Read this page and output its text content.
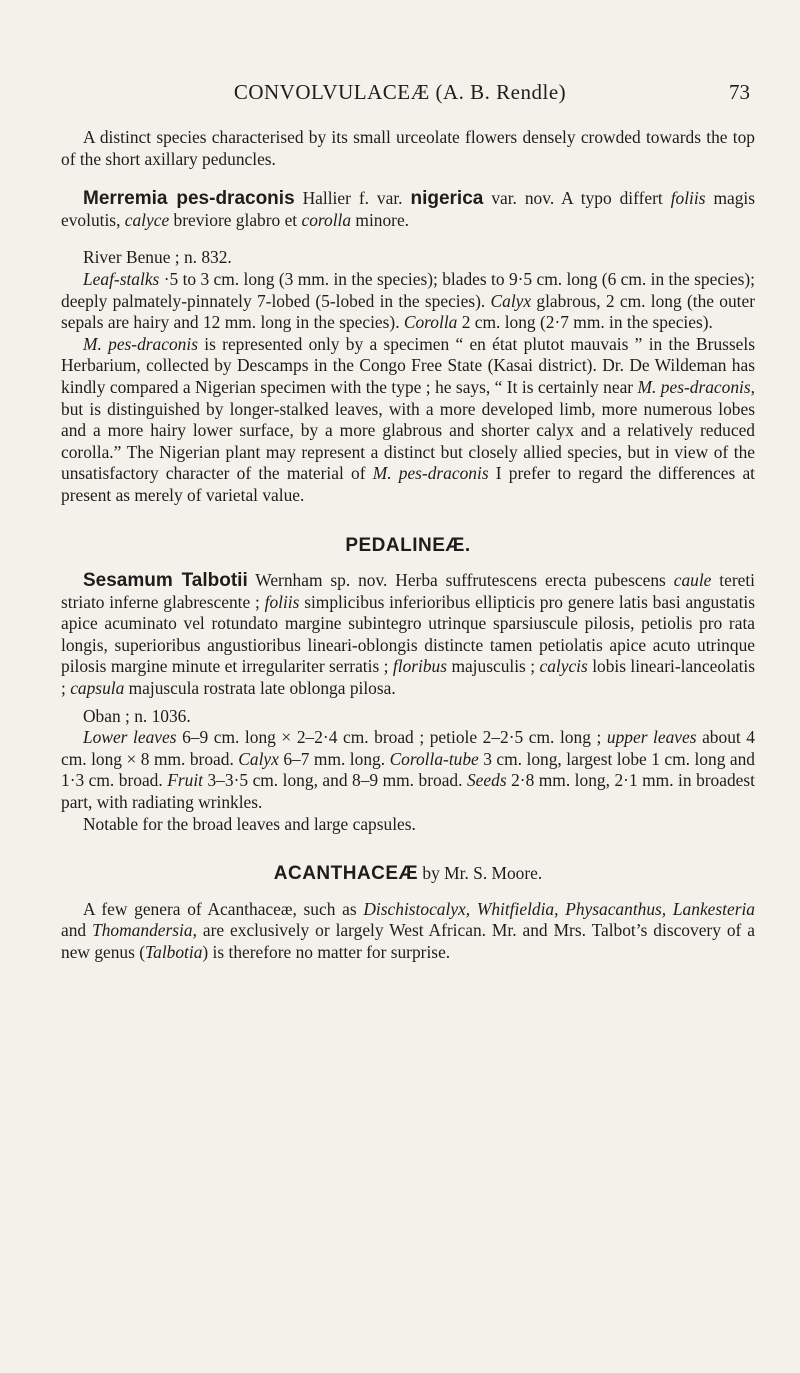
CONVOLVULACEÆ (A. B. Rendle)	73

A distinct species characterised by its small urceolate flowers densely crowded towards the top of the short axillary peduncles.

Merremia pes-draconis Hallier f. var. nigerica var. nov. A typo differt foliis magis evolutis, calyce breviore glabro et corolla minore.

River Benue ; n. 832.

Leaf-stalks ·5 to 3 cm. long (3 mm. in the species); blades to 9·5 cm. long (6 cm. in the species); deeply palmately-pinnately 7-lobed (5-lobed in the species). Calyx glabrous, 2 cm. long (the outer sepals are hairy and 12 mm. long in the species). Corolla 2 cm. long (2·7 mm. in the species).

M. pes-draconis is represented only by a specimen “ en état plutot mauvais ” in the Brussels Herbarium, collected by Descamps in the Congo Free State (Kasai district). Dr. De Wildeman has kindly compared a Nigerian specimen with the type ; he says, “ It is certainly near M. pes-draconis, but is distinguished by longer-stalked leaves, with a more developed limb, more numerous lobes and a more hairy lower surface, by a more glabrous and shorter calyx and a relatively reduced corolla.” The Nigerian plant may represent a distinct but closely allied species, but in view of the unsatisfactory character of the material of M. pes-draconis I prefer to regard the differences at present as merely of varietal value.

PEDALINEÆ.

Sesamum Talbotii Wernham sp. nov. Herba suffrutescens erecta pubescens caule tereti striato inferne glabrescente ; foliis simplicibus inferioribus ellipticis pro genere latis basi angustatis apice acuminato vel rotundato margine subintegro utrinque sparsiuscule pilosis, petiolis pro rata longis, superioribus angustioribus lineari-oblongis distincte tamen petiolatis apice acuto utrinque pilosis margine minute et irregulariter serratis ; floribus majusculis ; calycis lobis lineari-lanceolatis ; capsula majuscula rostrata late oblonga pilosa.

Oban ; n. 1036.

Lower leaves 6–9 cm. long × 2–2·4 cm. broad ; petiole 2–2·5 cm. long ; upper leaves about 4 cm. long × 8 mm. broad. Calyx 6–7 mm. long. Corolla-tube 3 cm. long, largest lobe 1 cm. long and 1·3 cm. broad. Fruit 3–3·5 cm. long, and 8–9 mm. broad. Seeds 2·8 mm. long, 2·1 mm. in broadest part, with radiating wrinkles.

Notable for the broad leaves and large capsules.

ACANTHACEÆ by Mr. S. Moore.

A few genera of Acanthaceæ, such as Dischistocalyx, Whitfieldia, Physacanthus, Lankesteria and Thomandersia, are exclusively or largely West African. Mr. and Mrs. Talbot’s discovery of a new genus (Talbotia) is therefore no matter for surprise.
